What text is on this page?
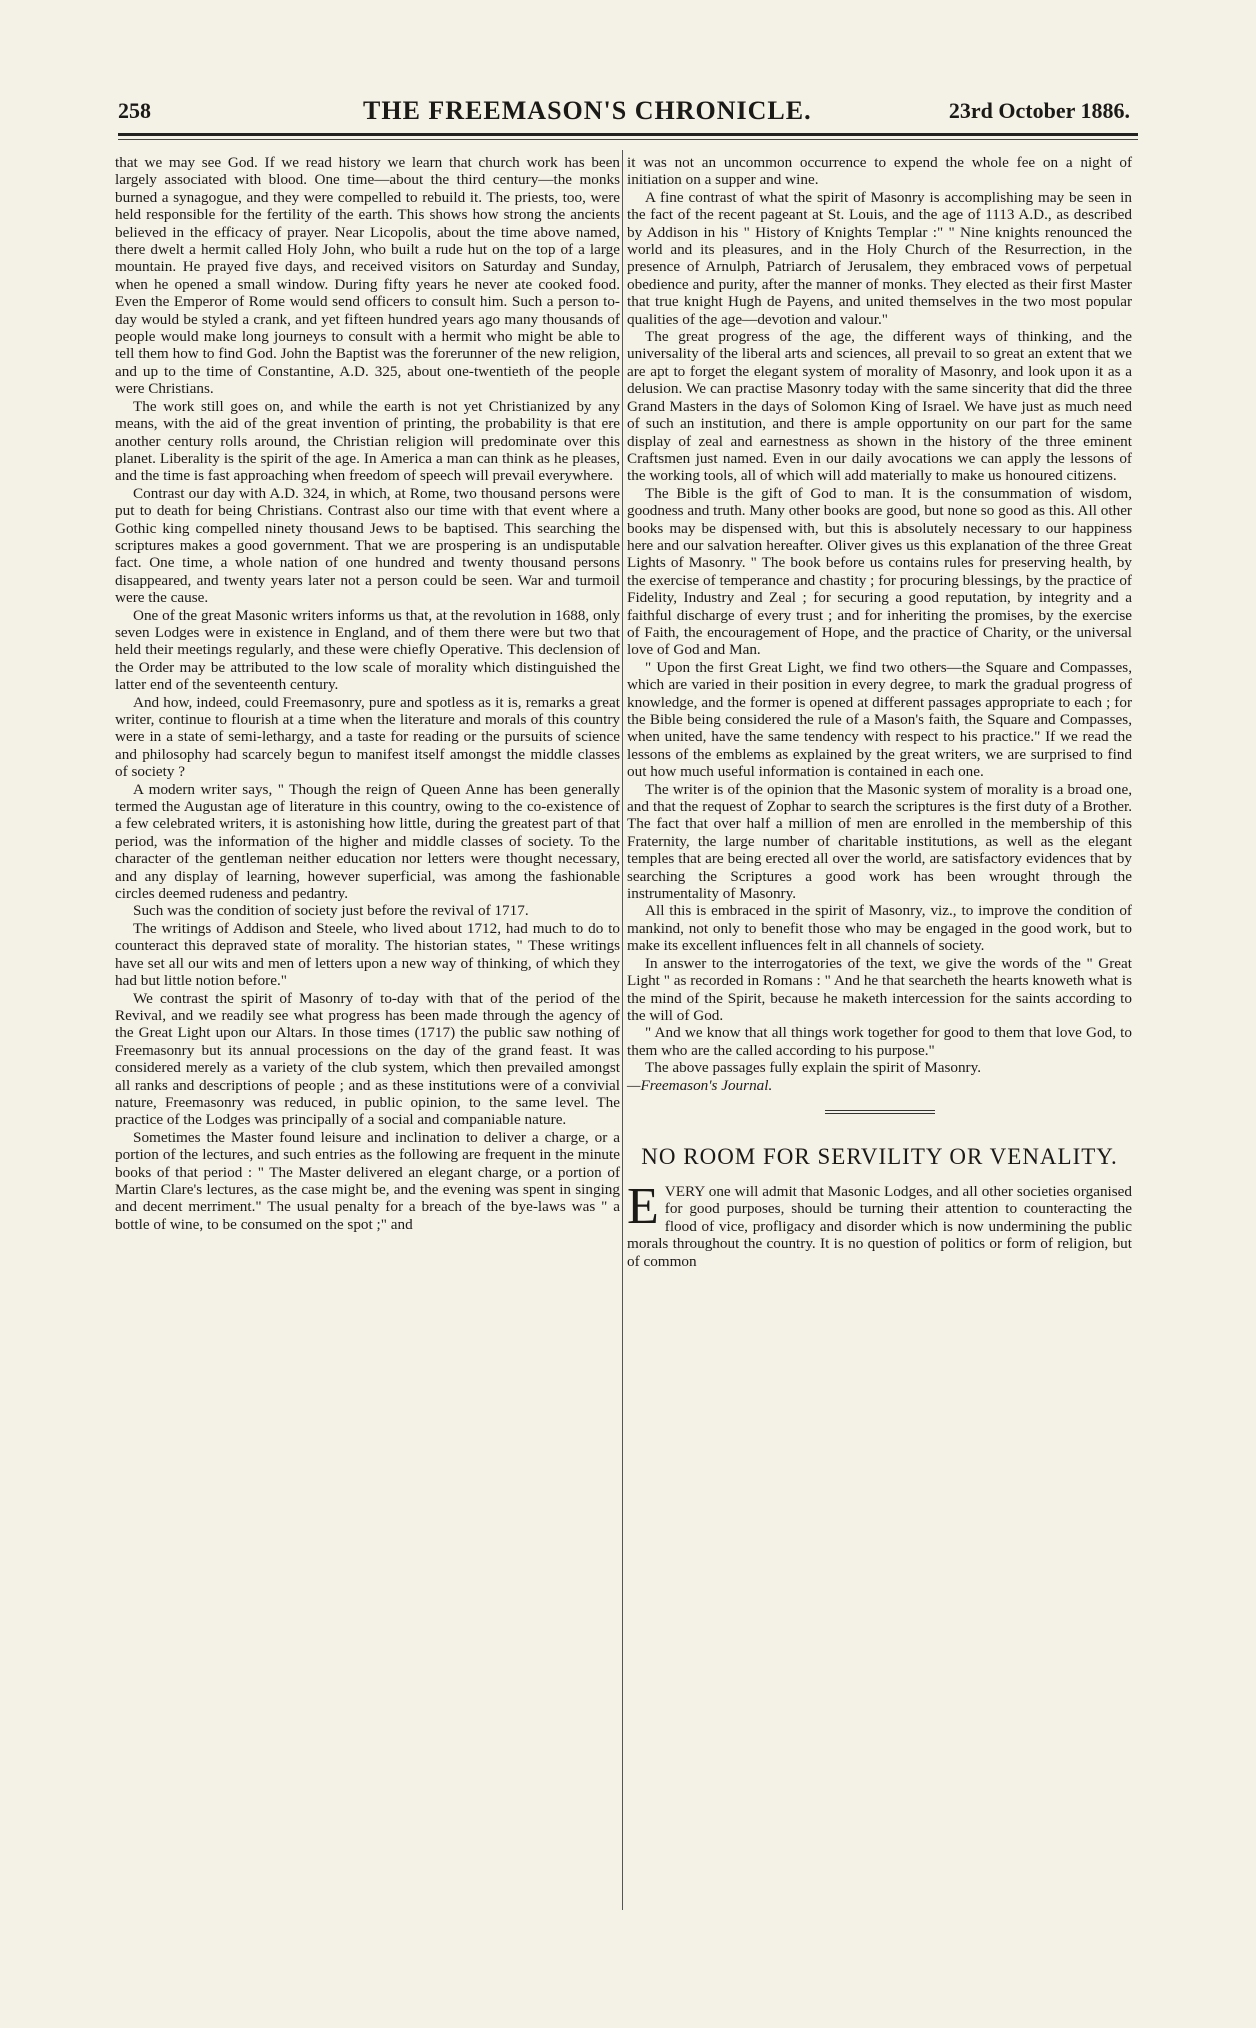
258	THE FREEMASON'S CHRONICLE.	23rd October 1886.

that we may see God. If we read history we learn that church work has been largely associated with blood. One time—about the third century—the monks burned a synagogue, and they were compelled to rebuild it. The priests, too, were held responsible for the fertility of the earth. This shows how strong the ancients believed in the efficacy of prayer. Near Licopolis, about the time above named, there dwelt a hermit called Holy John, who built a rude hut on the top of a large mountain. He prayed five days, and received visitors on Saturday and Sunday, when he opened a small window. During fifty years he never ate cooked food. Even the Emperor of Rome would send officers to consult him. Such a person to-day would be styled a crank, and yet fifteen hundred years ago many thousands of people would make long journeys to consult with a hermit who might be able to tell them how to find God. John the Baptist was the forerunner of the new religion, and up to the time of Constantine, A.D. 325, about one-twentieth of the people were Christians.

The work still goes on, and while the earth is not yet Christianized by any means, with the aid of the great invention of printing, the probability is that ere another century rolls around, the Christian religion will predominate over this planet. Liberality is the spirit of the age. In America a man can think as he pleases, and the time is fast approaching when freedom of speech will prevail everywhere.

Contrast our day with A.D. 324, in which, at Rome, two thousand persons were put to death for being Christians. Contrast also our time with that event where a Gothic king compelled ninety thousand Jews to be baptised. This searching the scriptures makes a good government. That we are prospering is an undisputable fact. One time, a whole nation of one hundred and twenty thousand persons disappeared, and twenty years later not a person could be seen. War and turmoil were the cause.

One of the great Masonic writers informs us that, at the revolution in 1688, only seven Lodges were in existence in England, and of them there were but two that held their meetings regularly, and these were chiefly Operative. This declension of the Order may be attributed to the low scale of morality which distinguished the latter end of the seventeenth century.

And how, indeed, could Freemasonry, pure and spotless as it is, remarks a great writer, continue to flourish at a time when the literature and morals of this country were in a state of semi-lethargy, and a taste for reading or the pursuits of science and philosophy had scarcely begun to manifest itself amongst the middle classes of society ?

A modern writer says, " Though the reign of Queen Anne has been generally termed the Augustan age of literature in this country, owing to the co-existence of a few celebrated writers, it is astonishing how little, during the greatest part of that period, was the information of the higher and middle classes of society. To the character of the gentleman neither education nor letters were thought necessary, and any display of learning, however superficial, was among the fashionable circles deemed rudeness and pedantry.

Such was the condition of society just before the revival of 1717.

The writings of Addison and Steele, who lived about 1712, had much to do to counteract this depraved state of morality. The historian states, " These writings have set all our wits and men of letters upon a new way of thinking, of which they had but little notion before."

We contrast the spirit of Masonry of to-day with that of the period of the Revival, and we readily see what progress has been made through the agency of the Great Light upon our Altars. In those times (1717) the public saw nothing of Freemasonry but its annual processions on the day of the grand feast. It was considered merely as a variety of the club system, which then prevailed amongst all ranks and descriptions of people ; and as these institutions were of a convivial nature, Freemasonry was reduced, in public opinion, to the same level. The practice of the Lodges was principally of a social and companiable nature.

Sometimes the Master found leisure and inclination to deliver a charge, or a portion of the lectures, and such entries as the following are frequent in the minute books of that period : " The Master delivered an elegant charge, or a portion of Martin Clare's lectures, as the case might be, and the evening was spent in singing and decent merriment." The usual penalty for a breach of the bye-laws was " a bottle of wine, to be consumed on the spot ;" and

it was not an uncommon occurrence to expend the whole fee on a night of initiation on a supper and wine.

A fine contrast of what the spirit of Masonry is accomplishing may be seen in the fact of the recent pageant at St. Louis, and the age of 1113 A.D., as described by Addison in his " History of Knights Templar :" " Nine knights renounced the world and its pleasures, and in the Holy Church of the Resurrection, in the presence of Arnulph, Patriarch of Jerusalem, they embraced vows of perpetual obedience and purity, after the manner of monks. They elected as their first Master that true knight Hugh de Payens, and united themselves in the two most popular qualities of the age—devotion and valour."

The great progress of the age, the different ways of thinking, and the universality of the liberal arts and sciences, all prevail to so great an extent that we are apt to forget the elegant system of morality of Masonry, and look upon it as a delusion. We can practise Masonry today with the same sincerity that did the three Grand Masters in the days of Solomon King of Israel. We have just as much need of such an institution, and there is ample opportunity on our part for the same display of zeal and earnestness as shown in the history of the three eminent Craftsmen just named. Even in our daily avocations we can apply the lessons of the working tools, all of which will add materially to make us honoured citizens.

The Bible is the gift of God to man. It is the consummation of wisdom, goodness and truth. Many other books are good, but none so good as this. All other books may be dispensed with, but this is absolutely necessary to our happiness here and our salvation hereafter. Oliver gives us this explanation of the three Great Lights of Masonry. " The book before us contains rules for preserving health, by the exercise of temperance and chastity ; for procuring blessings, by the practice of Fidelity, Industry and Zeal ; for securing a good reputation, by integrity and a faithful discharge of every trust ; and for inheriting the promises, by the exercise of Faith, the encouragement of Hope, and the practice of Charity, or the universal love of God and Man.

" Upon the first Great Light, we find two others—the Square and Compasses, which are varied in their position in every degree, to mark the gradual progress of knowledge, and the former is opened at different passages appropriate to each ; for the Bible being considered the rule of a Mason's faith, the Square and Compasses, when united, have the same tendency with respect to his practice." If we read the lessons of the emblems as explained by the great writers, we are surprised to find out how much useful information is contained in each one.

The writer is of the opinion that the Masonic system of morality is a broad one, and that the request of Zophar to search the scriptures is the first duty of a Brother. The fact that over half a million of men are enrolled in the membership of this Fraternity, the large number of charitable institutions, as well as the elegant temples that are being erected all over the world, are satisfactory evidences that by searching the Scriptures a good work has been wrought through the instrumentality of Masonry.

All this is embraced in the spirit of Masonry, viz., to improve the condition of mankind, not only to benefit those who may be engaged in the good work, but to make its excellent influences felt in all channels of society.

In answer to the interrogatories of the text, we give the words of the " Great Light " as recorded in Romans : " And he that searcheth the hearts knoweth what is the mind of the Spirit, because he maketh intercession for the saints according to the will of God.

" And we know that all things work together for good to them that love God, to them who are the called according to his purpose."

The above passages fully explain the spirit of Masonry.

—Freemason's Journal.

NO ROOM FOR SERVILITY OR VENALITY.

EVERY one will admit that Masonic Lodges, and all other societies organised for good purposes, should be turning their attention to counteracting the flood of vice, profligacy and disorder which is now undermining the public morals throughout the country. It is no question of politics or form of religion, but of common
